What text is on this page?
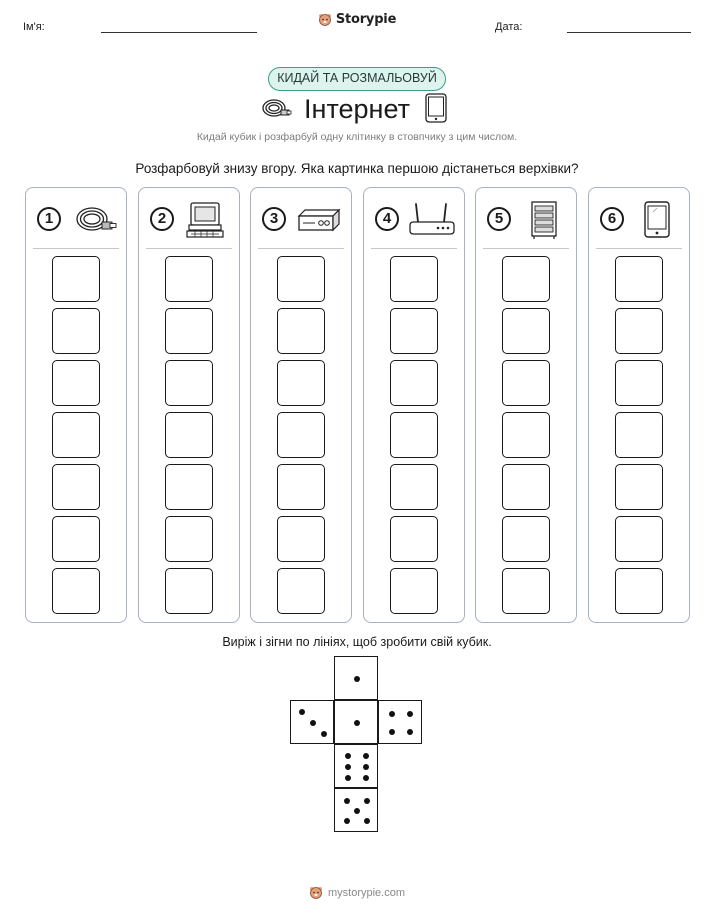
Ім'я:	Дата:
Storypie
КИДАЙ ТА РОЗМАЛЬОВУЙ
Інтернет
Кидай кубик і розфарбуй одну клітинку в стовпчику з цим числом.
Розфарбовуй знизу вгору. Яка картинка першою дістанеться верхівки?
1	2	3	4	5	6
Виріж і зігни по лініях, щоб зробити свій кубик.
mystorypie.com
